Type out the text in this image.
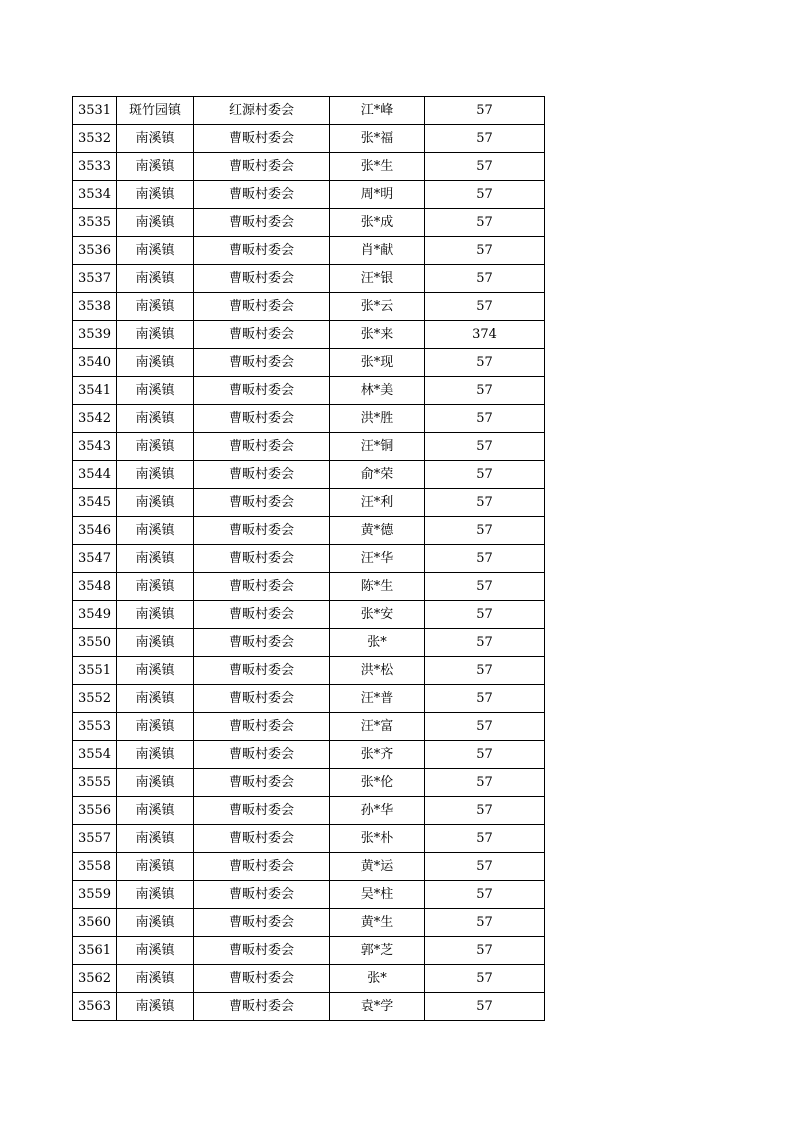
3531	斑竹园镇	红源村委会	江*峰	57
3532	南溪镇	曹畈村委会	张*福	57
3533	南溪镇	曹畈村委会	张*生	57
3534	南溪镇	曹畈村委会	周*明	57
3535	南溪镇	曹畈村委会	张*成	57
3536	南溪镇	曹畈村委会	肖*献	57
3537	南溪镇	曹畈村委会	汪*银	57
3538	南溪镇	曹畈村委会	张*云	57
3539	南溪镇	曹畈村委会	张*来	374
3540	南溪镇	曹畈村委会	张*现	57
3541	南溪镇	曹畈村委会	林*美	57
3542	南溪镇	曹畈村委会	洪*胜	57
3543	南溪镇	曹畈村委会	汪*铜	57
3544	南溪镇	曹畈村委会	俞*荣	57
3545	南溪镇	曹畈村委会	汪*利	57
3546	南溪镇	曹畈村委会	黄*德	57
3547	南溪镇	曹畈村委会	汪*华	57
3548	南溪镇	曹畈村委会	陈*生	57
3549	南溪镇	曹畈村委会	张*安	57
3550	南溪镇	曹畈村委会	张*	57
3551	南溪镇	曹畈村委会	洪*松	57
3552	南溪镇	曹畈村委会	汪*普	57
3553	南溪镇	曹畈村委会	汪*富	57
3554	南溪镇	曹畈村委会	张*齐	57
3555	南溪镇	曹畈村委会	张*伦	57
3556	南溪镇	曹畈村委会	孙*华	57
3557	南溪镇	曹畈村委会	张*朴	57
3558	南溪镇	曹畈村委会	黄*运	57
3559	南溪镇	曹畈村委会	吴*柱	57
3560	南溪镇	曹畈村委会	黄*生	57
3561	南溪镇	曹畈村委会	郭*芝	57
3562	南溪镇	曹畈村委会	张*	57
3563	南溪镇	曹畈村委会	袁*学	57
